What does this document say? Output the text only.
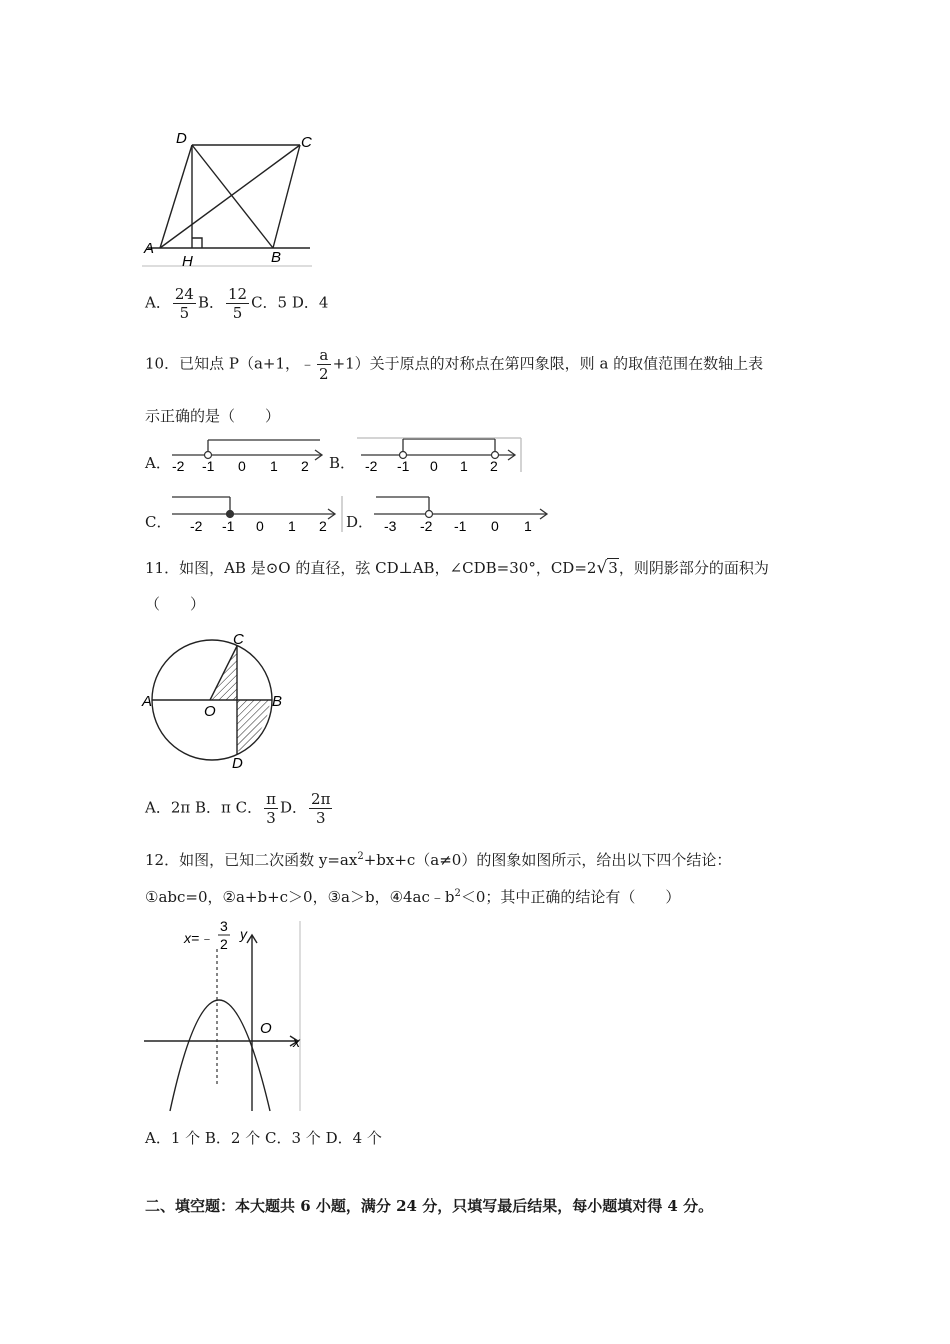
D	C
A
B
H
A． $\frac{24}{5}$ B． $\frac{12}{5}$ C．5 D．4
10．已知点 P（a+1，﹣ $\frac{a}{2} +1$）关于原点的对称点在第四象限，则 a 的取值范围在数轴上表
示正确的是（　　）
A． -2 -1 0 1 2 B． -2 -1 0 1 2
C． -2 -1 0 1 2 D． -3 -2 -1 0 1
11．如图，AB 是⊙O 的直径，弦 CD⊥AB，∠CDB=30°，CD=2√3，则阴影部分的面积为
（　　）
C
A
O
B
D
A．2π B．π C． $\frac{\pi}{3}$ D． $\frac{2\pi}{3}$
12．如图，已知二次函数 $y=ax^2+bx+c(a\ne 0)$的图象如图所示，给出以下四个结论：
①abc=0，②a+b+c＞0，③a＞b，$④4ac﹣b^2<0$；其中正确的结论有（　　）
x=﹣
3
2
y
O
x
A．1 个 B．2 个 C．3 个 D．4 个
二、填空题：本大题共 6 小题，满分 24 分，只填写最后结果，每小题填对得 4 分。
